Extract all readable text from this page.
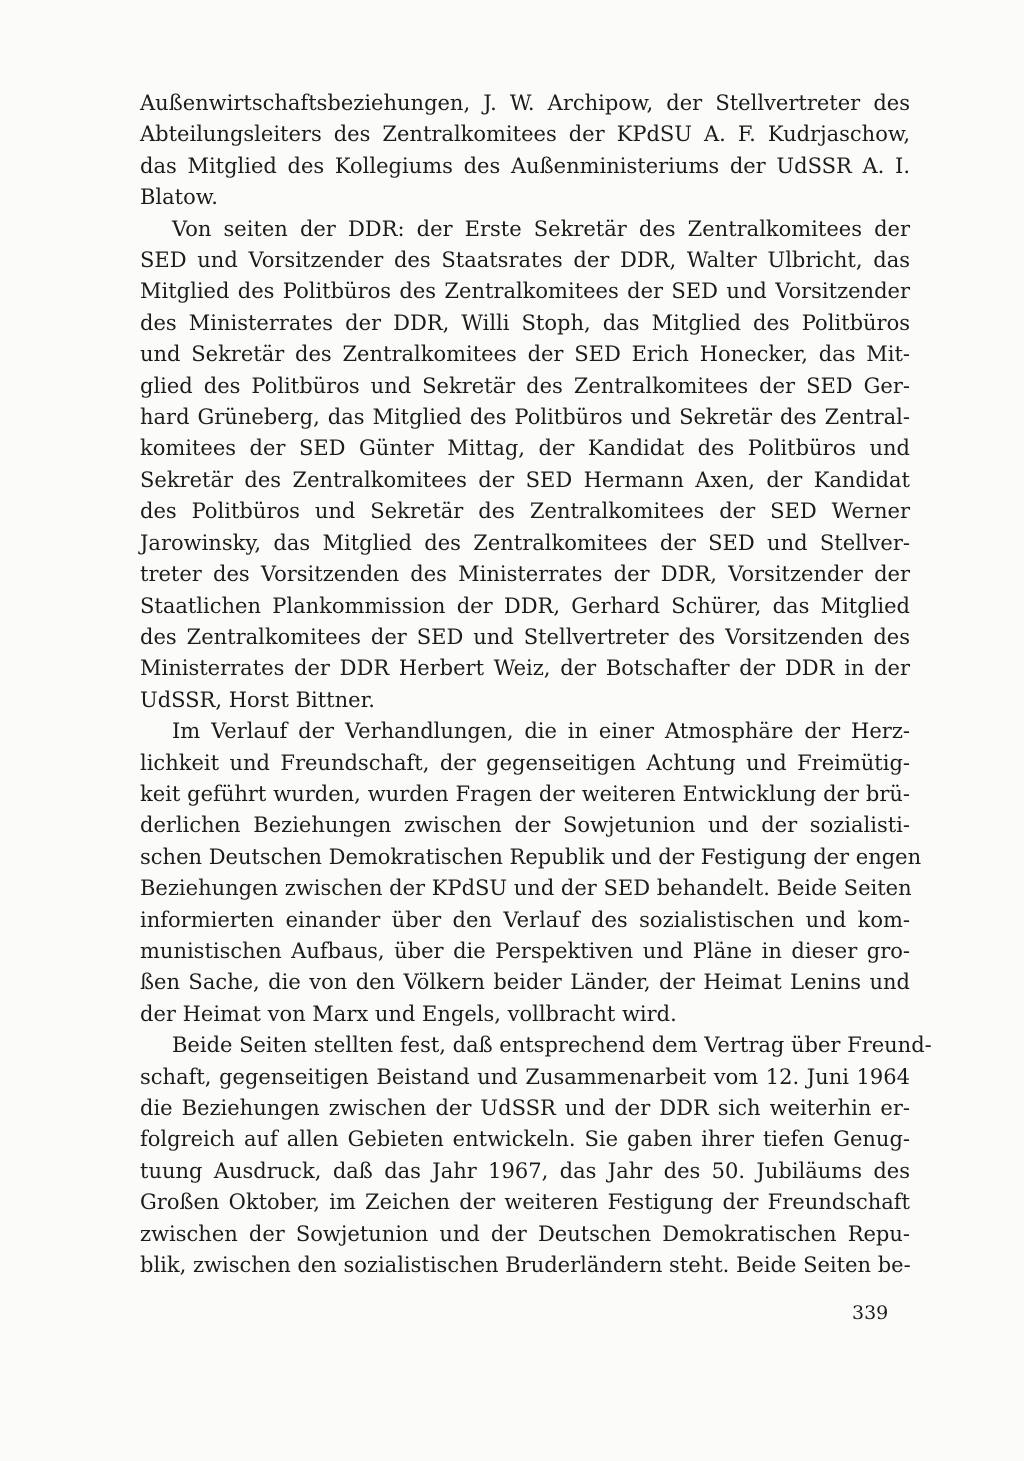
Außenwirtschaftsbeziehungen, J. W. Archipow, der Stellvertreter des
Abteilungsleiters des Zentralkomitees der KPdSU A. F. Kudrjaschow,
das Mitglied des Kollegiums des Außenministeriums der UdSSR A. I.
Blatow.
Von seiten der DDR: der Erste Sekretär des Zentralkomitees der
SED und Vorsitzender des Staatsrates der DDR, Walter Ulbricht, das
Mitglied des Politbüros des Zentralkomitees der SED und Vorsitzender
des Ministerrates der DDR, Willi Stoph, das Mitglied des Politbüros
und Sekretär des Zentralkomitees der SED Erich Honecker, das Mit-
glied des Politbüros und Sekretär des Zentralkomitees der SED Ger-
hard Grüneberg, das Mitglied des Politbüros und Sekretär des Zentral-
komitees der SED Günter Mittag, der Kandidat des Politbüros und
Sekretär des Zentralkomitees der SED Hermann Axen, der Kandidat
des Politbüros und Sekretär des Zentralkomitees der SED Werner
Jarowinsky, das Mitglied des Zentralkomitees der SED und Stellver-
treter des Vorsitzenden des Ministerrates der DDR, Vorsitzender der
Staatlichen Plankommission der DDR, Gerhard Schürer, das Mitglied
des Zentralkomitees der SED und Stellvertreter des Vorsitzenden des
Ministerrates der DDR Herbert Weiz, der Botschafter der DDR in der
UdSSR, Horst Bittner.
Im Verlauf der Verhandlungen, die in einer Atmosphäre der Herz-
lichkeit und Freundschaft, der gegenseitigen Achtung und Freimütig-
keit geführt wurden, wurden Fragen der weiteren Entwicklung der brü-
derlichen Beziehungen zwischen der Sowjetunion und der sozialisti-
schen Deutschen Demokratischen Republik und der Festigung der engen
Beziehungen zwischen der KPdSU und der SED behandelt. Beide Seiten
informierten einander über den Verlauf des sozialistischen und kom-
munistischen Aufbaus, über die Perspektiven und Pläne in dieser gro-
ßen Sache, die von den Völkern beider Länder, der Heimat Lenins und
der Heimat von Marx und Engels, vollbracht wird.
Beide Seiten stellten fest, daß entsprechend dem Vertrag über Freund-
schaft, gegenseitigen Beistand und Zusammenarbeit vom 12. Juni 1964
die Beziehungen zwischen der UdSSR und der DDR sich weiterhin er-
folgreich auf allen Gebieten entwickeln. Sie gaben ihrer tiefen Genug-
tuung Ausdruck, daß das Jahr 1967, das Jahr des 50. Jubiläums des
Großen Oktober, im Zeichen der weiteren Festigung der Freundschaft
zwischen der Sowjetunion und der Deutschen Demokratischen Repu-
blik, zwischen den sozialistischen Bruderländern steht. Beide Seiten be-
339
